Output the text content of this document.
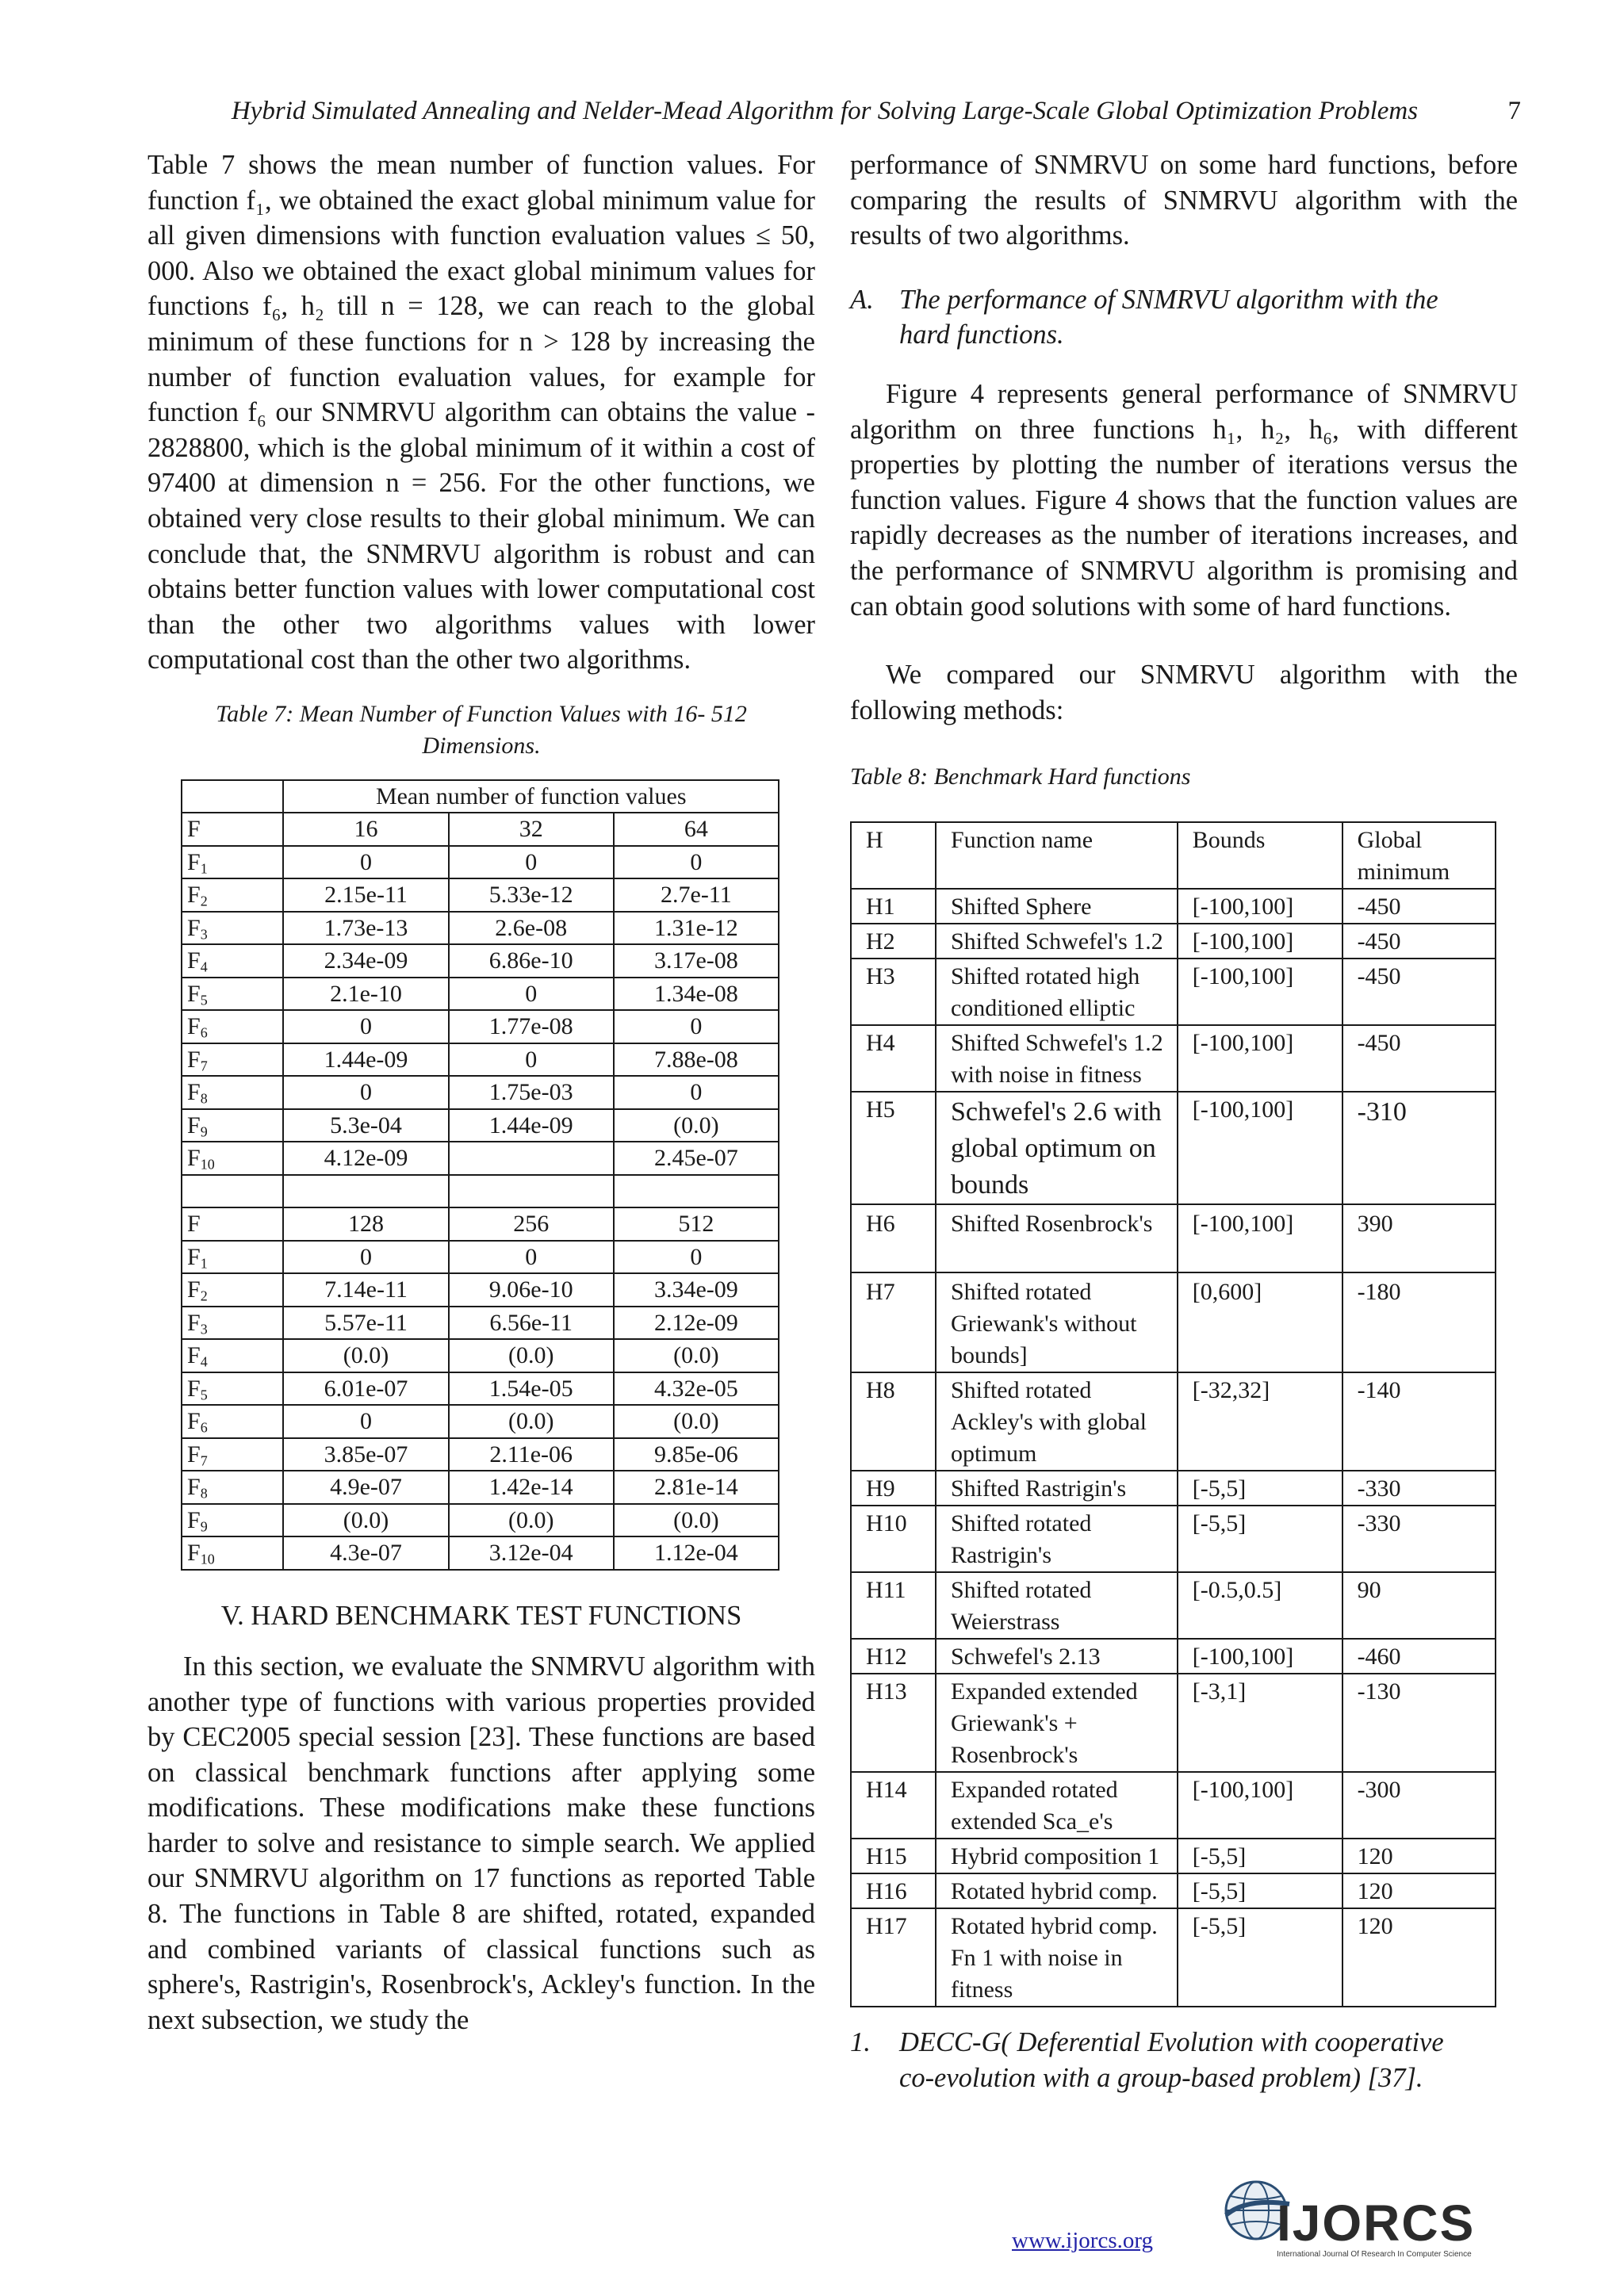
Hybrid Simulated Annealing and Nelder-Mead Algorithm for Solving Large-Scale Global Optimization Problems	7

Table 7 shows the mean number of function values. For function f₁, we obtained the exact global minimum value for all given dimensions with function evaluation values ≤ 50, 000. Also we obtained the exact global minimum values for functions f₆, h₂ till n = 128, we can reach to the global minimum of these functions for n > 128 by increasing the number of function evaluation values, for example for function f₆ our SNMRVU algorithm can obtains the value - 2828800, which is the global minimum of it within a cost of 97400 at dimension n = 256. For the other functions, we obtained very close results to their global minimum. We can conclude that, the SNMRVU algorithm is robust and can obtains better function values with lower computational cost than the other two algorithms values with lower computational cost than the other two algorithms.

Table 7: Mean Number of Function Values with 16- 512
Dimensions.
	Mean number of function values		
F	16	32	64
$F_1$	0	0	0
$F_2$	2.15e-11	5.33e-12	2.7e-11
$F_3$	1.73e-13	2.6e-08	1.31e-12
$F_4$	2.34e-09	6.86e-10	3.17e-08
$F_5$	2.1e-10	0	1.34e-08
$F_6$	0	1.77e-08	0
$F_7$	1.44e-09	0	7.88e-08
$F_8$	0	1.75e-03	0
$F_9$	5.3e-04	1.44e-09	(0.0)
$F_{10}$	4.12e-09		2.45e-07

F	128	256	512
$F_1$	0	0	0
$F_2$	7.14e-11	9.06e-10	3.34e-09
$F_3$	5.57e-11	6.56e-11	2.12e-09
$F_4$	(0.0)	(0.0)	(0.0)
$F_5$	6.01e-07	1.54e-05	4.32e-05
$F_6$	0	(0.0)	(0.0)
$F_7$	3.85e-07	2.11e-06	9.85e-06
$F_8$	4.9e-07	1.42e-14	2.81e-14
$F_9$	(0.0)	(0.0)	(0.0)
$F_{10}$	4.3e-07	3.12e-04	1.12e-04

V. HARD BENCHMARK TEST FUNCTIONS

In this section, we evaluate the SNMRVU algorithm with another type of functions with various properties provided by CEC2005 special session [23]. These functions are based on classical benchmark functions after applying some modifications. These modifications make these functions harder to solve and resistance to simple search. We applied our SNMRVU algorithm on 17 functions as reported Table 8. The functions in Table 8 are shifted, rotated, expanded and combined variants of classical functions such as sphere's, Rastrigin's, Rosenbrock's, Ackley's function. In the next subsection, we study the

performance of SNMRVU on some hard functions, before comparing the results of SNMRVU algorithm with the results of two algorithms.

A. The performance of SNMRVU algorithm with the
hard functions.

Figure 4 represents general performance of SNMRVU algorithm on three functions h₁, h₂, h₆, with different properties by plotting the number of iterations versus the function values. Figure 4 shows that the function values are rapidly decreases as the number of iterations increases, and the performance of SNMRVU algorithm is promising and can obtain good solutions with some of hard functions.

We compared our SNMRVU algorithm with the following methods:

Table 8: Benchmark Hard functions
H	Function name	Bounds	Global minimum
H1	Shifted Sphere	[-100,100]	-450
H2	Shifted Schwefel's 1.2	[-100,100]	-450
H3	Shifted rotated high conditioned elliptic	[-100,100]	-450
H4	Shifted Schwefel's 1.2 with noise in fitness	[-100,100]	-450
H5	Schwefel's 2.6 with global optimum on bounds	[-100,100]	-310
H6	Shifted Rosenbrock's	[-100,100]	390
H7	Shifted rotated Griewank's without bounds]	[0,600]	-180
H8	Shifted rotated Ackley's with global optimum	[-32,32]	-140
H9	Shifted Rastrigin's	[-5,5]	-330
H10	Shifted rotated Rastrigin's	[-5,5]	-330
H11	Shifted rotated Weierstrass	[-0.5,0.5]	90
H12	Schwefel's 2.13	[-100,100]	-460
H13	Expanded extended Griewank's + Rosenbrock's	[-3,1]	-130
H14	Expanded rotated extended Sca_e's	[-100,100]	-300
H15	Hybrid composition 1	[-5,5]	120
H16	Rotated hybrid comp.	[-5,5]	120
H17	Rotated hybrid comp. Fn 1 with noise in fitness	[-5,5]	120

1. DECC-G( Deferential Evolution with cooperative
co-evolution with a group-based problem) [37].

www.ijorcs.org IJORCS
International Journal Of Research In Computer Science
